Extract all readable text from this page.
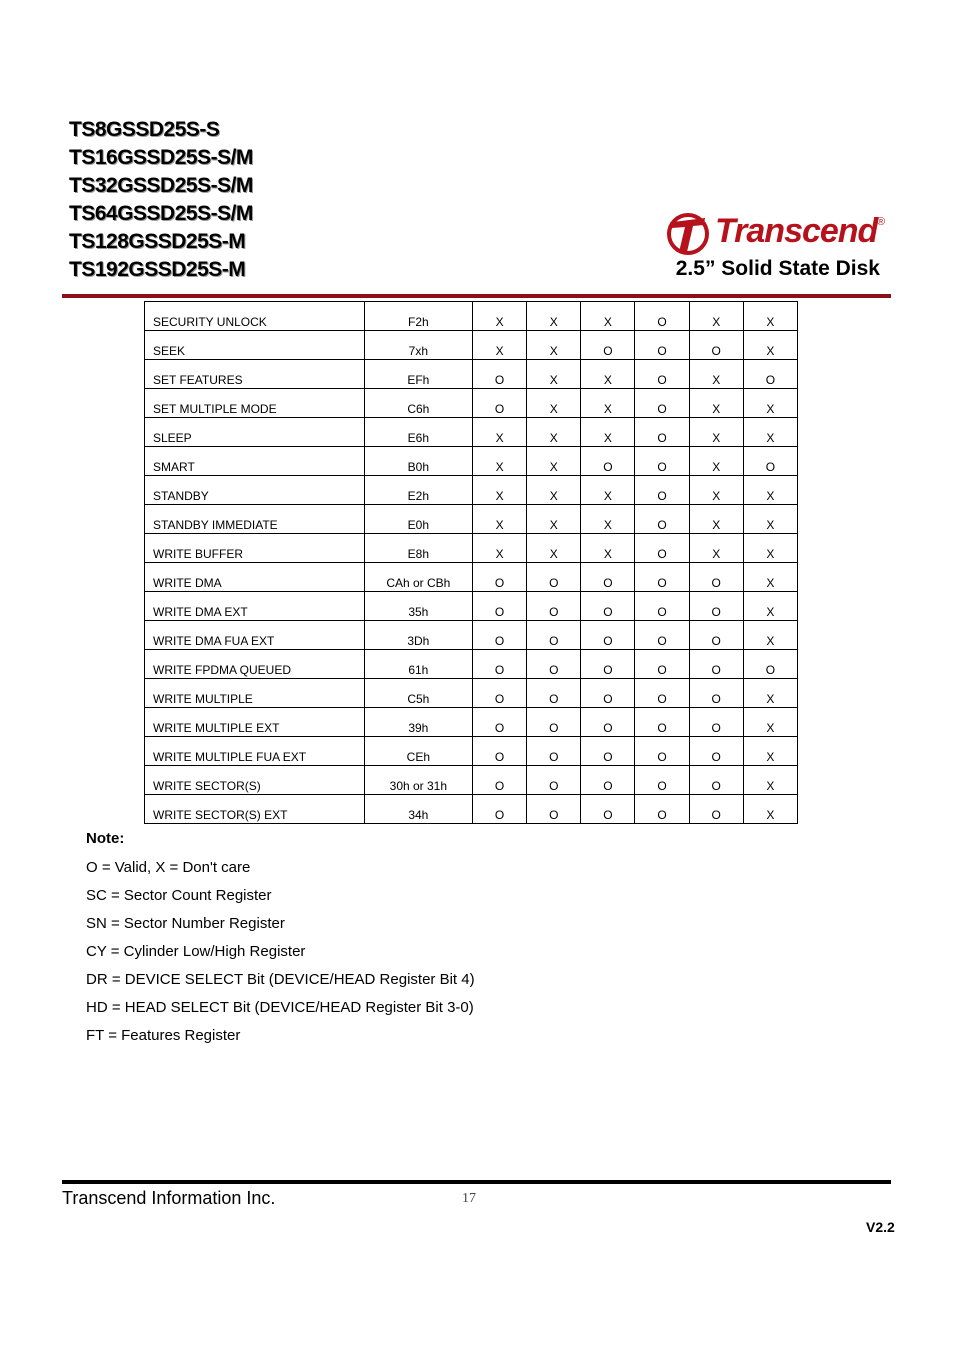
TS8GSSD25S-S
TS16GSSD25S-S/M
TS32GSSD25S-S/M
TS64GSSD25S-S/M
TS128GSSD25S-M
TS192GSSD25S-M
Transcend ®
2.5” Solid State Disk
SECURITY UNLOCK	F2h	X	X	X	O	X	X
SEEK	7xh	X	X	O	O	O	X
SET FEATURES	EFh	O	X	X	O	X	O
SET MULTIPLE MODE	C6h	O	X	X	O	X	X
SLEEP	E6h	X	X	X	O	X	X
SMART	B0h	X	X	O	O	X	O
STANDBY	E2h	X	X	X	O	X	X
STANDBY IMMEDIATE	E0h	X	X	X	O	X	X
WRITE BUFFER	E8h	X	X	X	O	X	X
WRITE DMA	CAh or CBh	O	O	O	O	O	X
WRITE DMA EXT	35h	O	O	O	O	O	X
WRITE DMA FUA EXT	3Dh	O	O	O	O	O	X
WRITE FPDMA QUEUED	61h	O	O	O	O	O	O
WRITE MULTIPLE	C5h	O	O	O	O	O	X
WRITE MULTIPLE EXT	39h	O	O	O	O	O	X
WRITE MULTIPLE FUA EXT	CEh	O	O	O	O	O	X
WRITE SECTOR(S)	30h or 31h	O	O	O	O	O	X
WRITE SECTOR(S) EXT	34h	O	O	O	O	O	X
Note:
O = Valid, X = Don't care
SC = Sector Count Register
SN = Sector Number Register
CY = Cylinder Low/High Register
DR = DEVICE SELECT Bit (DEVICE/HEAD Register Bit 4)
HD = HEAD SELECT Bit (DEVICE/HEAD Register Bit 3-0)
FT = Features Register
Transcend Information Inc.	17
V2.2
